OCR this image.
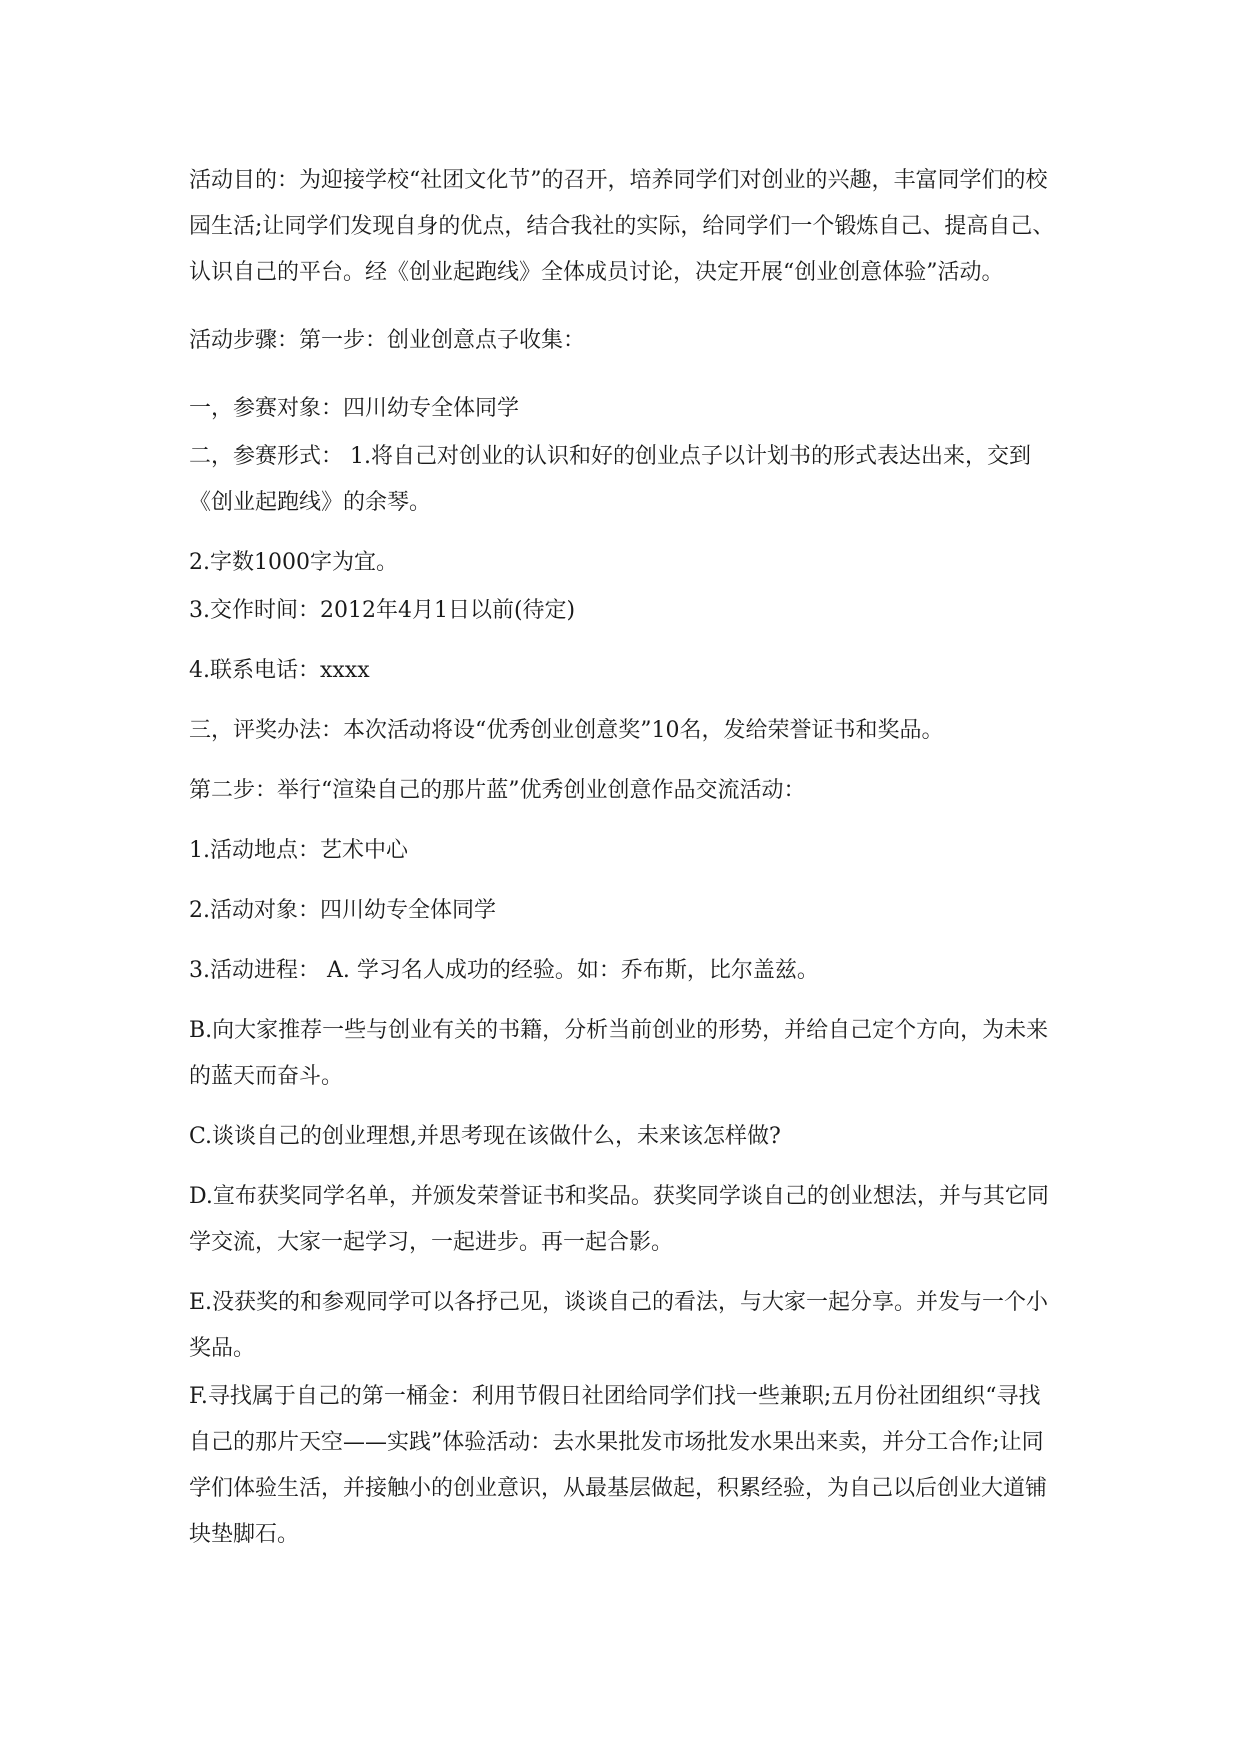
活动目的：为迎接学校“社团文化节”的召开，培养同学们对创业的兴趣，丰富同学们的校园生活;让同学们发现自身的优点，结合我社的实际，给同学们一个锻炼自己、提高自己、认识自己的平台。经《创业起跑线》全体成员讨论，决定开展“创业创意体验”活动。

活动步骤：第一步：创业创意点子收集：

一，参赛对象：四川幼专全体同学

二，参赛形式： 1.将自己对创业的认识和好的创业点子以计划书的形式表达出来，交到《创业起跑线》的余琴。

2.字数1000字为宜。

3.交作时间：2012年4月1日以前(待定)

4.联系电话：xxxx

三，评奖办法：本次活动将设“优秀创业创意奖”10名，发给荣誉证书和奖品。

第二步：举行“渲染自己的那片蓝”优秀创业创意作品交流活动：

1.活动地点：艺术中心

2.活动对象：四川幼专全体同学

3.活动进程： A. 学习名人成功的经验。如：乔布斯，比尔盖兹。

B.向大家推荐一些与创业有关的书籍，分析当前创业的形势，并给自己定个方向，为未来的蓝天而奋斗。

C.谈谈自己的创业理想,并思考现在该做什么，未来该怎样做?

D.宣布获奖同学名单，并颁发荣誉证书和奖品。获奖同学谈自己的创业想法，并与其它同学交流，大家一起学习，一起进步。再一起合影。

E.没获奖的和参观同学可以各抒己见，谈谈自己的看法，与大家一起分享。并发与一个小奖品。

F.寻找属于自己的第一桶金：利用节假日社团给同学们找一些兼职;五月份社团组织“寻找自己的那片天空——实践”体验活动：去水果批发市场批发水果出来卖，并分工合作;让同学们体验生活，并接触小的创业意识，从最基层做起，积累经验，为自己以后创业大道铺块垫脚石。
